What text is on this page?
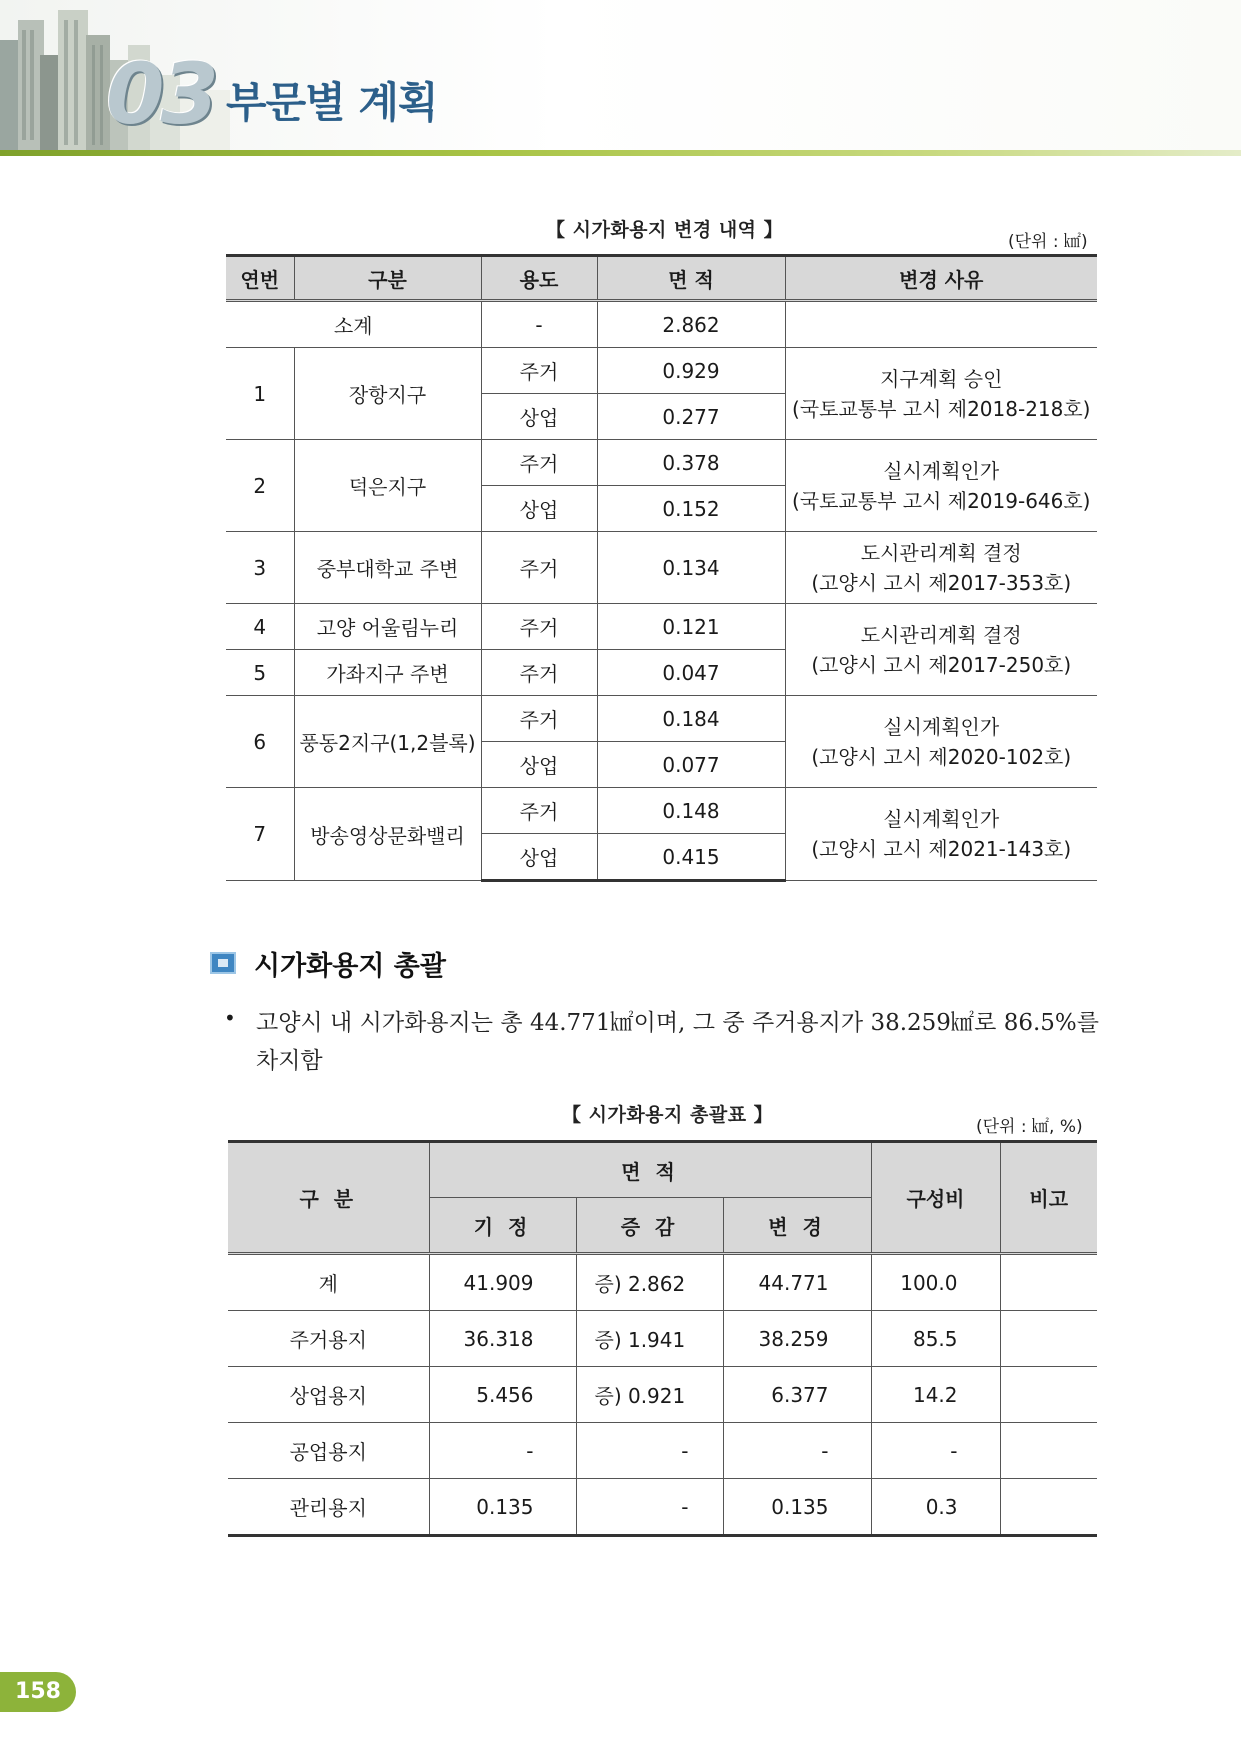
03 부문별 계획
【 시가화용지 변경 내역 】
(단위 : ㎢)
연번	구분	용도	면 적	변경 사유
소계		-	2.862	
1	장항지구	주거	0.929	지구계획 승인
(국토교통부 고시 제2018-218호)
		상업	0.277	
2	덕은지구	주거	0.378	실시계획인가
(국토교통부 고시 제2019-646호)
		상업	0.152	
3	중부대학교 주변	주거	0.134	도시관리계획 결정
(고양시 고시 제2017-353호)
4	고양 어울림누리	주거	0.121	도시관리계획 결정
(고양시 고시 제2017-250호)
5	가좌지구 주변	주거	0.047	
6	풍동2지구(1,2블록)	주거	0.184	실시계획인가
(고양시 고시 제2020-102호)
		상업	0.077	
7	방송영상문화밸리	주거	0.148	실시계획인가
(고양시 고시 제2021-143호)
		상업	0.415	
시가화용지 총괄
• 고양시 내 시가화용지는 총 44.771㎢이며, 그 중 주거용지가 38.259㎢로 86.5%를 차지함
【 시가화용지 총괄표 】
(단위 : ㎢, %)
구 분	면 적			구성비	비고
	기 정	증 감	변 경		
계	41.909	증) 2.862	44.771	100.0	
주거용지	36.318	증) 1.941	38.259	85.5	
상업용지	5.456	증) 0.921	6.377	14.2	
공업용지	-	-	-	-	
관리용지	0.135	-	0.135	0.3	
158
